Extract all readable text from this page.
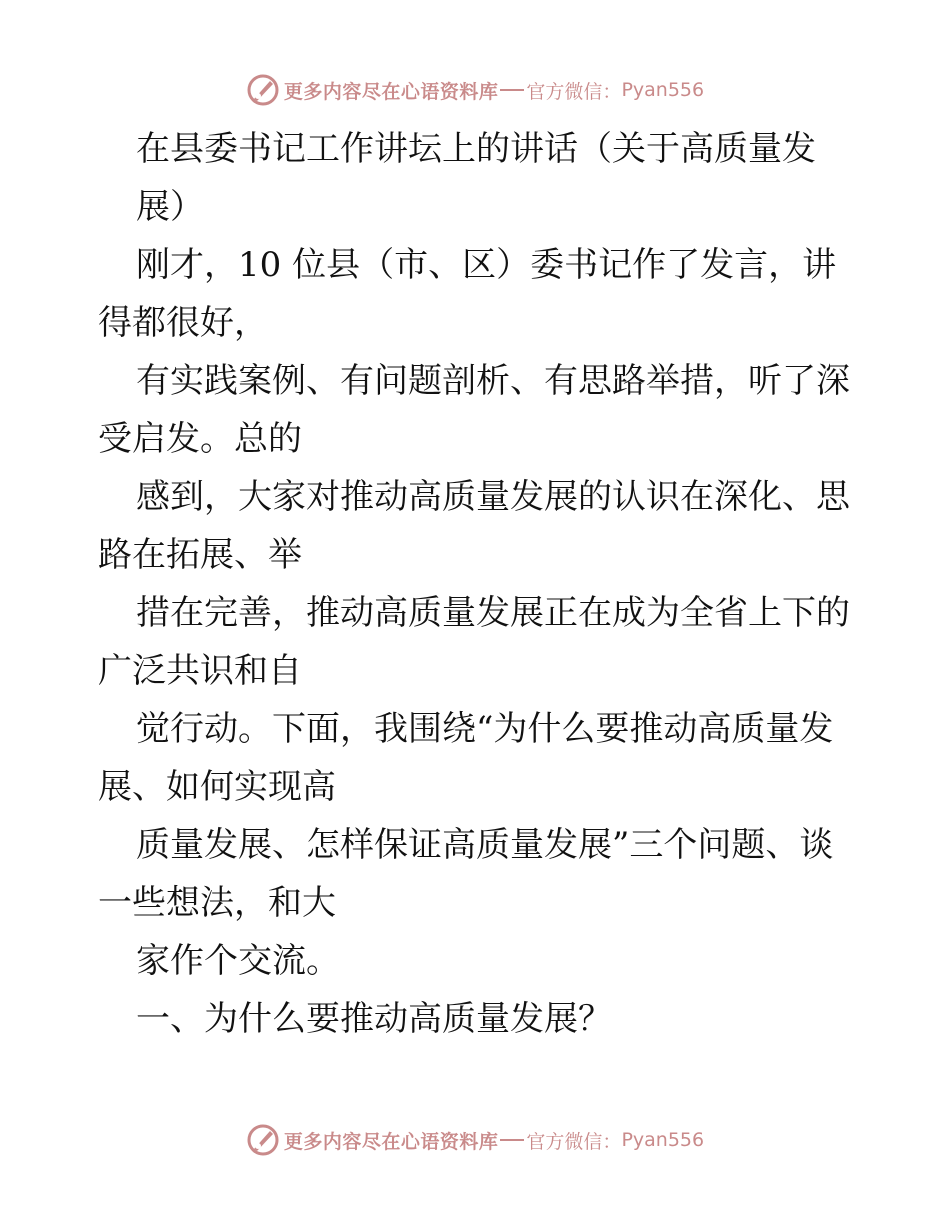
更多内容尽在心语资料库 官方微信： Pyan556
在县委书记工作讲坛上的讲话（关于高质量发
展）
刚才，10 位县（市、区）委书记作了发言，讲
得都很好，
有实践案例、有问题剖析、有思路举措，听了深
受启发。总的
感到，大家对推动高质量发展的认识在深化、思
路在拓展、举
措在完善，推动高质量发展正在成为全省上下的
广泛共识和自
觉行动。下面，我围绕“为什么要推动高质量发
展、如何实现高
质量发展、怎样保证高质量发展”三个问题、谈
一些想法，和大
家作个交流。
一、为什么要推动高质量发展？
更多内容尽在心语资料库 官方微信： Pyan556
